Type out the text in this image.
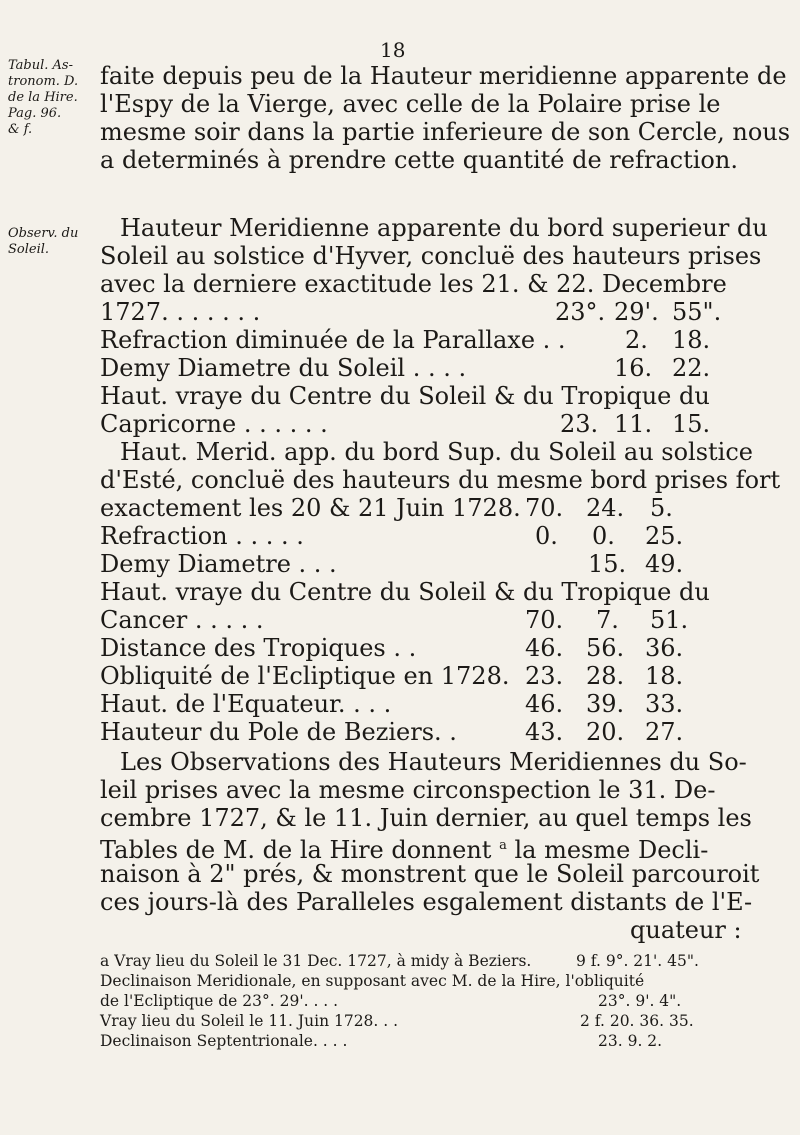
18
Tabul. As-
tronom. D.
de la Hire.
Pag. 96.
& f.
Observ. du
Soleil.
faite depuis peu de la Hauteur meridienne apparente de
l'Espy de la Vierge, avec celle de la Polaire prise le
mesme soir dans la partie inferieure de son Cercle, nous
a determinés à prendre cette quantité de refraction.
Hauteur Meridienne apparente du bord superieur du
Soleil au solstice d'Hyver, concluë des hauteurs prises
avec la derniere exactitude les 21. & 22. Decembre
1727. . . . . . .	23°. 29'. 55".
Refraction diminuée de la Parallaxe . . 2. 18.
Demy Diametre du Soleil . . . .	16. 22.
Haut. vraye du Centre du Soleil & du Tropique du
Capricorne . . . . . .	23. 11. 15.
Haut. Merid. app. du bord Sup. du Soleil au solstice
d'Esté, concluë des hauteurs du mesme bord prises fort
exactement les 20 & 21 Juin 1728. 70. 24. 5.
Refraction . . . . .	0. 0. 25.
Demy Diametre . . .	15. 49.
Haut. vraye du Centre du Soleil & du Tropique du
Cancer . . . . .	70. 7. 51.
Distance des Tropiques . .	46. 56. 36.
Obliquité de l'Ecliptique en 1728. 23. 28. 18.
Haut. de l'Equateur. . . .	46. 39. 33.
Hauteur du Pole de Beziers. .	43. 20. 27.
Les Observations des Hauteurs Meridiennes du So-
leil prises avec la mesme circonspection le 31. De-
cembre 1727, & le 11. Juin dernier, au quel temps les
Tables de M. de la Hire donnent $^a$ la mesme Decli-
naison à 2" prés, & monstrent que le Soleil parcouroit
ces jours-là des Paralleles esgalement distants de l'E-
quateur :
a Vray lieu du Soleil le 31 Dec. 1727, à midy à Beziers.	9 f. 9°. 21'. 45".
Declinaison Meridionale, en supposant avec M. de la Hire, l'obliquité
de l'Ecliptique de 23°. 29'. . . .	23°. 9'. 4".
Vray lieu du Soleil le 11. Juin 1728. . .	2 f. 20. 36. 35.
Declinaison Septentrionale. . . .	23. 9. 2.
